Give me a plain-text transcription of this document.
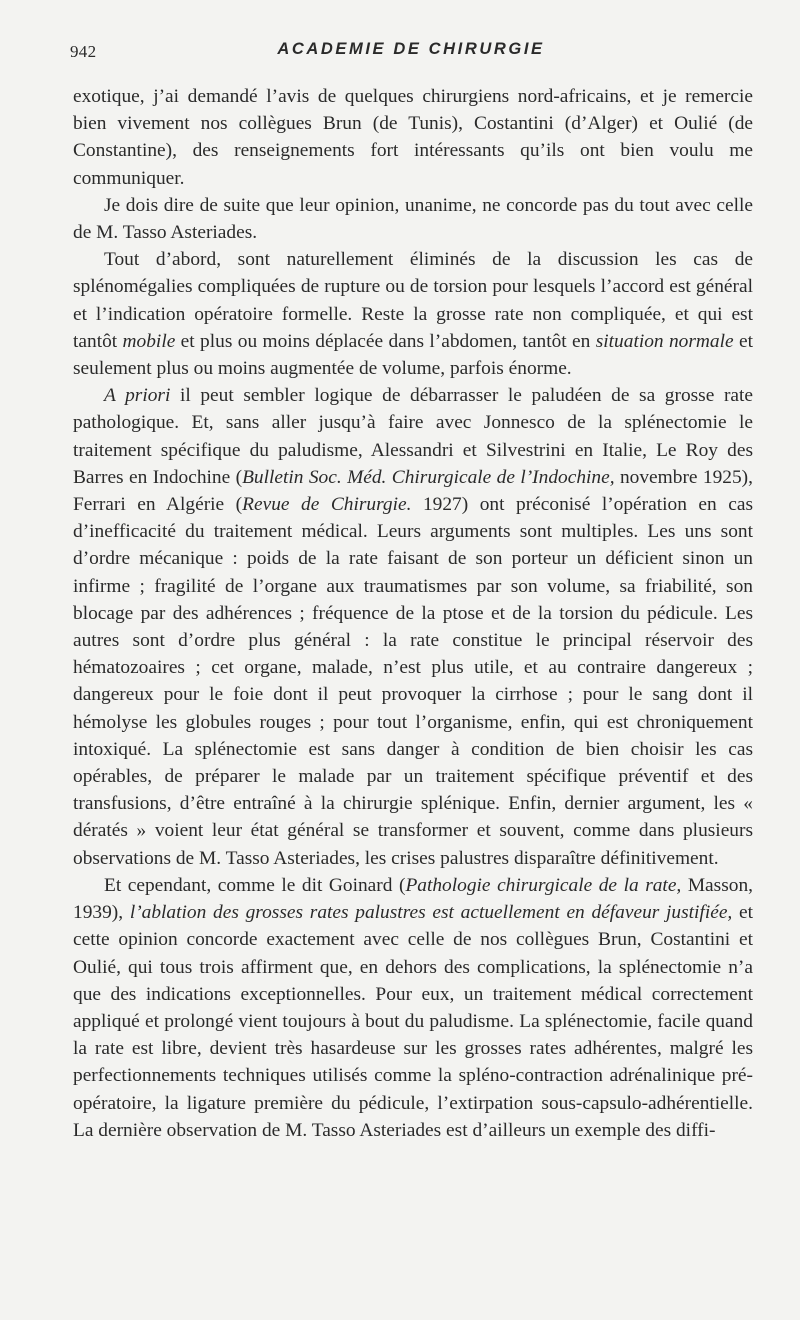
942	ACADEMIE DE CHIRURGIE

exotique, j’ai demandé l’avis de quelques chirurgiens nord-africains, et je remercie bien vivement nos collègues Brun (de Tunis), Costantini (d’Alger) et Oulié (de Constantine), des renseignements fort intéressants qu’ils ont bien voulu me communiquer.

Je dois dire de suite que leur opinion, unanime, ne concorde pas du tout avec celle de M. Tasso Asteriades.

Tout d’abord, sont naturellement éliminés de la discussion les cas de splénomégalies compliquées de rupture ou de torsion pour lesquels l’accord est général et l’indication opératoire formelle. Reste la grosse rate non compliquée, et qui est tantôt mobile et plus ou moins déplacée dans l’abdomen, tantôt en situation normale et seulement plus ou moins augmentée de volume, parfois énorme.

A priori il peut sembler logique de débarrasser le paludéen de sa grosse rate pathologique. Et, sans aller jusqu’à faire avec Jonnesco de la splénectomie le traitement spécifique du paludisme, Alessandri et Silvestrini en Italie, Le Roy des Barres en Indochine (Bulletin Soc. Méd. Chirurgicale de l’Indochine, novembre 1925), Ferrari en Algérie (Revue de Chirurgie. 1927) ont préconisé l’opération en cas d’inefficacité du traitement médical. Leurs arguments sont multiples. Les uns sont d’ordre mécanique : poids de la rate faisant de son porteur un déficient sinon un infirme ; fragilité de l’organe aux traumatismes par son volume, sa friabilité, son blocage par des adhérences ; fréquence de la ptose et de la torsion du pédicule. Les autres sont d’ordre plus général : la rate constitue le principal réservoir des hématozoaires ; cet organe, malade, n’est plus utile, et au contraire dangereux ; dangereux pour le foie dont il peut provoquer la cirrhose ; pour le sang dont il hémolyse les globules rouges ; pour tout l’organisme, enfin, qui est chroniquement intoxiqué. La splénectomie est sans danger à condition de bien choisir les cas opérables, de préparer le malade par un traitement spécifique préventif et des transfusions, d’être entraîné à la chirurgie splénique. Enfin, dernier argument, les « dératés » voient leur état général se transformer et souvent, comme dans plusieurs observations de M. Tasso Asteriades, les crises palustres disparaître définitivement.

Et cependant, comme le dit Goinard (Pathologie chirurgicale de la rate, Masson, 1939), l’ablation des grosses rates palustres est actuellement en défaveur justifiée, et cette opinion concorde exactement avec celle de nos collègues Brun, Costantini et Oulié, qui tous trois affirment que, en dehors des complications, la splénectomie n’a que des indications exceptionnelles. Pour eux, un traitement médical correctement appliqué et prolongé vient toujours à bout du paludisme. La splénectomie, facile quand la rate est libre, devient très hasardeuse sur les grosses rates adhérentes, malgré les perfectionnements techniques utilisés comme la spléno-contraction adrénalinique pré-opératoire, la ligature première du pédicule, l’extirpation sous-capsulo-adhérentielle. La dernière observation de M. Tasso Asteriades est d’ailleurs un exemple des diffi-
